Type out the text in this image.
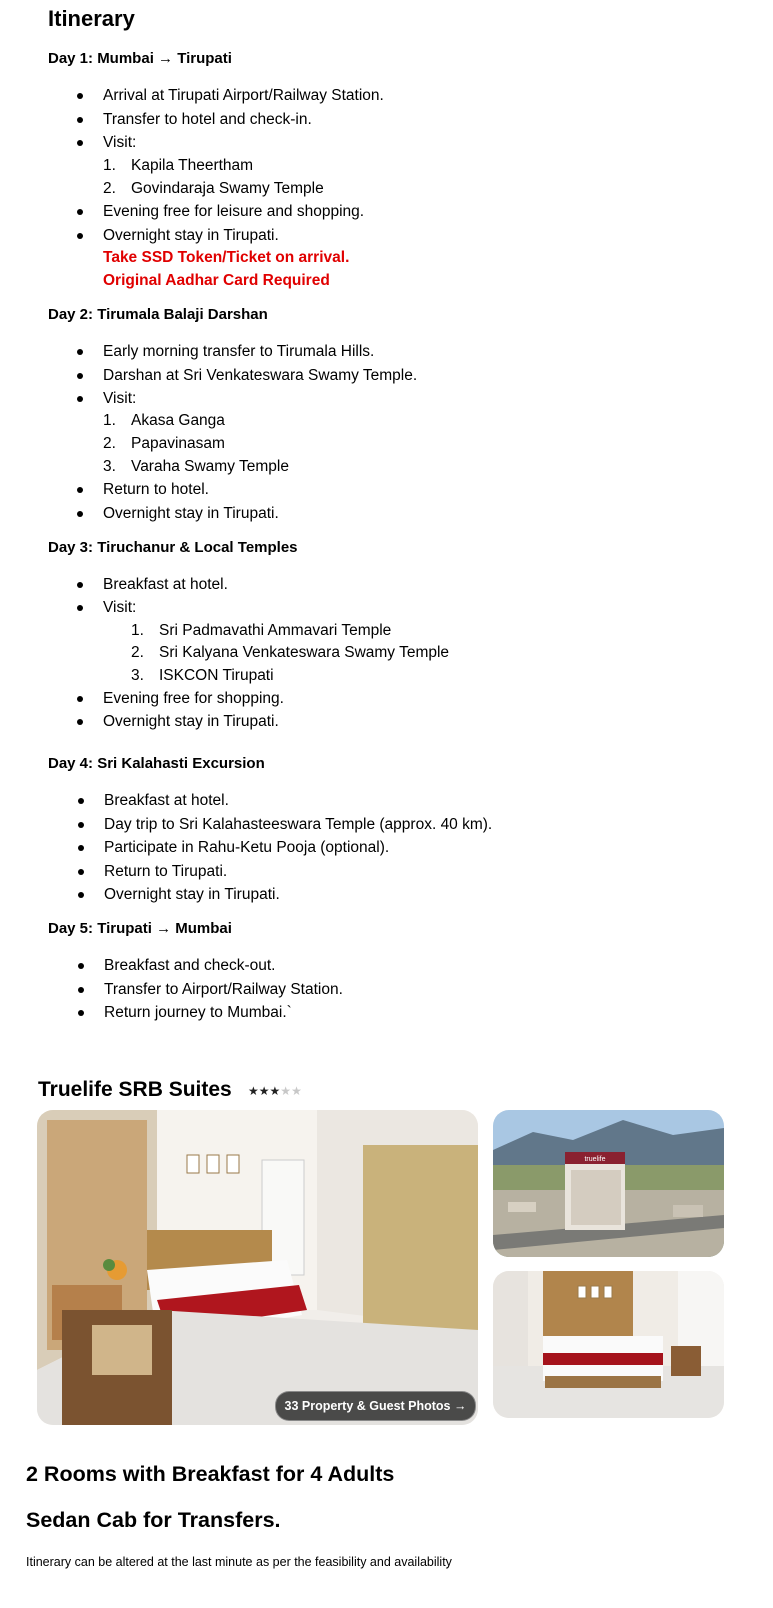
Itinerary
Day 1: Mumbai → Tirupati
Arrival at Tirupati Airport/Railway Station.
Transfer to hotel and check-in.
Visit:
1. Kapila Theertham
2. Govindaraja Swamy Temple
Evening free for leisure and shopping.
Overnight stay in Tirupati.
Take SSD Token/Ticket on arrival.
Original Aadhar Card Required
Day 2: Tirumala Balaji Darshan
Early morning transfer to Tirumala Hills.
Darshan at Sri Venkateswara Swamy Temple.
Visit:
1. Akasa Ganga
2. Papavinasam
3. Varaha Swamy Temple
Return to hotel.
Overnight stay in Tirupati.
Day 3: Tiruchanur & Local Temples
Breakfast at hotel.
Visit:
1. Sri Padmavathi Ammavari Temple
2. Sri Kalyana Venkateswara Swamy Temple
3. ISKCON Tirupati
Evening free for shopping.
Overnight stay in Tirupati.
Day 4: Sri Kalahasti Excursion
Breakfast at hotel.
Day trip to Sri Kalahasteeswara Temple (approx. 40 km).
Participate in Rahu-Ketu Pooja (optional).
Return to Tirupati.
Overnight stay in Tirupati.
Day 5: Tirupati → Mumbai
Breakfast and check-out.
Transfer to Airport/Railway Station.
Return journey to Mumbai.`
Truelife SRB Suites ★★★★★
33 Property & Guest Photos →
truelife
2 Rooms with Breakfast for 4 Adults
Sedan Cab for Transfers.
Itinerary can be altered at the last minute as per the feasibility and availability
